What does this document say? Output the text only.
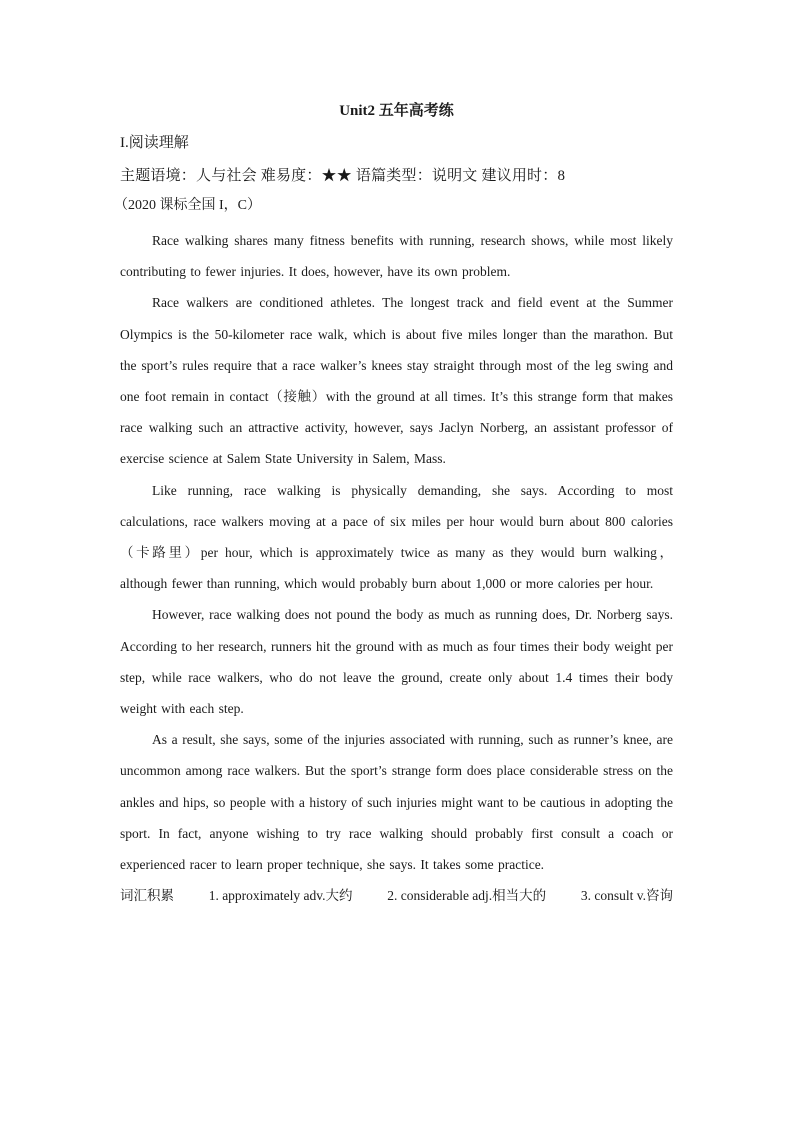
Unit2 五年高考练
I.阅读理解
主题语境：人与社会 难易度：★★ 语篇类型：说明文 建议用时：8
（2020 课标全国 I，C）

Race walking shares many fitness benefits with running, research shows, while most likely contributing to fewer injuries. It does, however, have its own problem.

Race walkers are conditioned athletes. The longest track and field event at the Summer Olympics is the 50-kilometer race walk, which is about five miles longer than the marathon. But the sport’s rules require that a race walker’s knees stay straight through most of the leg swing and one foot remain in contact（接触）with the ground at all times. It’s this strange form that makes race walking such an attractive activity, however, says Jaclyn Norberg, an assistant professor of exercise science at Salem State University in Salem, Mass.

Like running, race walking is physically demanding, she says. According to most calculations, race walkers moving at a pace of six miles per hour would burn about 800 calories（卡路里）per hour, which is approximately twice as many as they would burn walking， although fewer than running, which would probably burn about 1,000 or more calories per hour.

However, race walking does not pound the body as much as running does, Dr. Norberg says. According to her research, runners hit the ground with as much as four times their body weight per step, while race walkers, who do not leave the ground, create only about 1.4 times their body weight with each step.

As a result, she says, some of the injuries associated with running, such as runner’s knee, are uncommon among race walkers. But the sport’s strange form does place considerable stress on the ankles and hips, so people with a history of such injuries might want to be cautious in adopting the sport. In fact, anyone wishing to try race walking should probably first consult a coach or experienced racer to learn proper technique, she says. It takes some practice.

词汇积累	1. approximately adv.大约	2. considerable adj.相当大的	3. consult v.咨询
